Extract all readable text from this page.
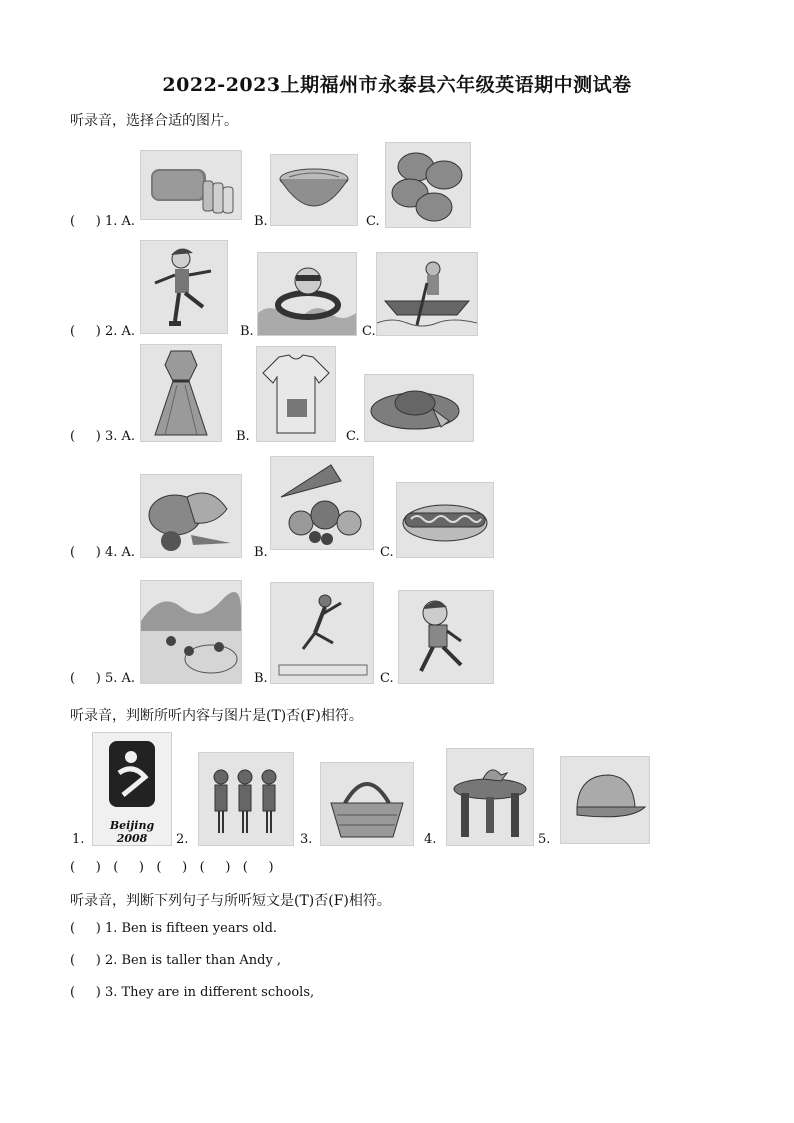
2022-2023上期福州市永泰县六年级英语期中测试卷
听录音，选择合适的图片。
(     ) 1. A.	B.	C.
(     ) 2. A.	B.	C.
(     ) 3. A.	B.	C.
(     ) 4. A.	B.	C.
(     ) 5. A.	B.	C.
听录音，判断所听内容与图片是(T)否(F)相符。
1.
Beijing 2008	2.	3.	4.	5.
(     )   (     )   (     )   (     )   (     )
听录音，判断下列句子与所听短文是(T)否(F)相符。
(     ) 1. Ben is fifteen years old.
(     ) 2. Ben is taller than Andy ,
(     ) 3. They are in different schools,
